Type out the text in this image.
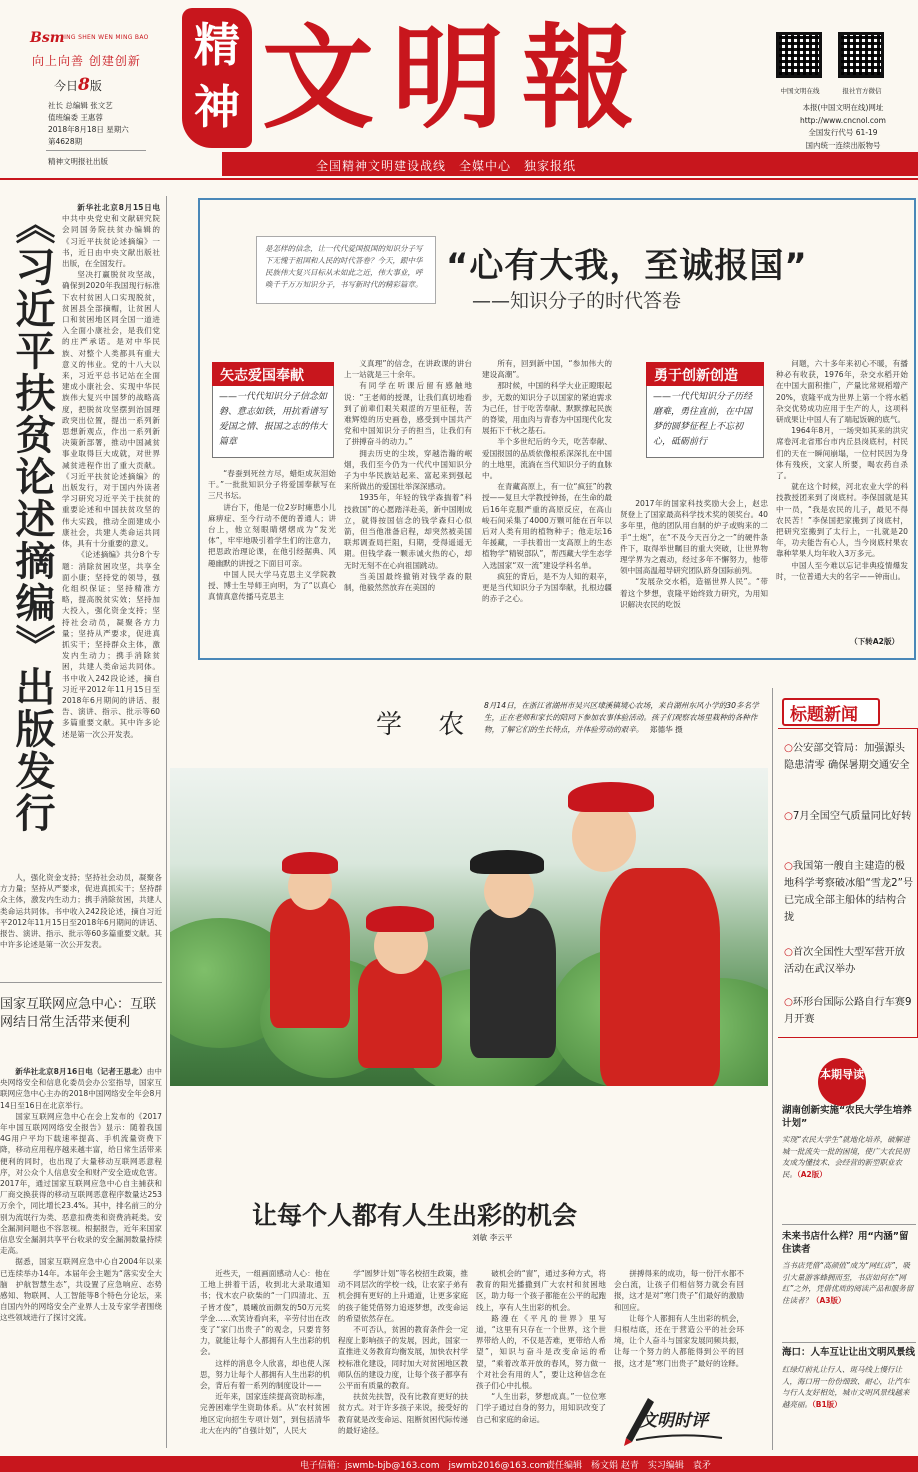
Bsm
JING SHEN WEN MING BAO
向上向善 创建创新
今日8版
社长 总编辑 张文艺
值班编委 王惠蓉
2018年8月18日 星期六
第4628期
精神文明报社出版
精神 文明報	中国文明在线	报社官方微信
本报(中国文明在线)网址
http://www.cncnol.com
全国发行代号 61-19
国内统一连续出版物号
全国精神文明建设战线　全媒中心　独家报纸
《习近平扶贫论述摘编》出版发行	新华社北京8月15日电中共中央党史和文献研究院会同国务院扶贫办编辑的《习近平扶贫论述摘编》一书，近日由中央文献出版社出版，在全国发行。

坚决打赢脱贫攻坚战，确保到2020年我国现行标准下农村贫困人口实现脱贫，贫困县全部摘帽，让贫困人口和贫困地区同全国一道进入全面小康社会，是我们党的庄严承诺。是对中华民族、对整个人类都具有重大意义的伟业。党的十八大以来，习近平总书记站在全面建成小康社会、实现中华民族伟大复兴中国梦的战略高度，把脱贫攻坚摆到治国理政突出位置，提出一系列新思想新观点，作出一系列新决策新部署，推动中国减贫事业取得巨大成就，对世界减贫进程作出了重大贡献。《习近平扶贫论述摘编》的出版发行，对于国内外读者学习研究习近平关于扶贫的重要论述和中国扶贫攻坚的伟大实践，推动全面建成小康社会，共建人类命运共同体，具有十分重要的意义。

《论述摘编》共分8个专题：消除贫困攻坚，共享全面小康；坚持党的领导，强化组织保证；坚持精准方略，提高脱贫实效；坚持加大投入，强化资金支持；坚持社会动员，凝聚各方力量；坚持从严要求，促进真抓实干；坚持群众主体，激发内生动力；携手消除贫困，共建人类命运共同体。书中收入242段论述，摘自习近平2012年11月15日至2018年6月期间的讲话、报告、演讲、指示、批示等60多篇重要文献。其中许多论述是第一次公开发表。

人，强化资金支持；坚持社会动员，凝聚各方力量；坚持从严要求，促进真抓实干；坚持群众主体，激发内生动力；携手消除贫困，共建人类命运共同体。书中收入242段论述，摘自习近平2012年11月15日至2018年6月期间的讲话、报告、演讲、指示、批示等60多篇重要文献。其中许多论述是第一次公开发表。

国家互联网应急中心：互联网结日常生活带来便利

新华社北京8月16日电（记者王思北）由中央网络安全和信息化委员会办公室指导，国家互联网应急中心主办的2018中国网络安全年会8月14日至16日在北京举行。

国家互联网应急中心在会上发布的《2017年中国互联网网络安全报告》显示：随着我国4G用户平均下载速率提高、手机流量资费下降，移动应用程序越来越丰富，给日常生活带来便利的同时，也出现了大量移动互联网恶意程序，对公众个人信息安全和财产安全造成危害。2017年，通过国家互联网应急中心自主捕获和厂商交换获得的移动互联网恶意程序数量达253万余个，同比增长23.4%。其中，排名前三的分别为流氓行为类、恶意扣费类和资费消耗类。安全漏洞问题也不容忽视。根据报告，近年来国家信息安全漏洞共享平台收录的安全漏洞数量持续走高。

据悉，国家互联网应急中心自2004年以来已连续举办14年。本届年会主题为“落实安全大脑　护航智慧生态”，共设置了应急响应、态势感知、物联网、人工智能等8个特色分论坛，来自国内外的网络安全产业界人士及专家学者围绕这些领域进行了探讨交流。

是怎样的信念，让一代代爱国报国的知识分子写下无愧于祖国和人民的时代答卷？今天，跟中华民族伟大复兴目标从未如此之近，伟大事业，呼唤千千万万知识分子，书写新时代的精彩篇章。 “心有大我，至诚报国”
——知识分子的时代答卷
矢志爱国奉献
——一代代知识分子信念如磐、意志如铁，用抗看谱写爱国之情、报国之志的伟大篇章
勇于创新创造
——一代代知识分子历经磨难，勇往直前，在中国梦的圆梦征程上不忘初心，砥砺前行

“春蚕到死丝方尽，蜡炬成灰泪始干。”一批批知识分子将爱国奉献写在三尺书坛。

讲台下，他是一位2岁时瘫患小儿麻痹症、至今行动不便的普通人；讲台上，他立刻眼睛熠熠成为“发光体”，牢牢地吸引着学生们的注意力，把思政治理论课，在他引经据典、风趣幽默的讲授之下面目可亲。

中国人民大学马克思主义学院教授、博士生导师王向明，为了“以真心真情真意传播马克思主

义真理”的信念，在讲政课的讲台上一站就是三十余年。

有同学在听课后留有感触地说：“王老师的授课，让我们真切地看到了前辈们艰关艰涩的万里征程，苦难辉煌的历史画卷，感受到中国共产党和中国知识分子的担当，让我们有了拼搏奋斗的动力。”

拥去历史的尘埃，穿越浩瀚的岷烟，我们至今仍为一代代中国知识分子为中华民族站起来、富起来到强起来所做出的爱国壮举深深感动。

1935年，年轻的钱学森揣着“科技救国”的心愿踏洋赴美，新中国刚成立，就得按国信念的钱学森归心似箭，但当他准备启程，却突然被美国联邦调查局拦阻，归期，受得遥遥无期。但钱学森一颗赤诚火热的心，却无时无刻不在心向祖国跳动。

当美国最终撤销对钱学森的限制，他毅然然放弃在美国的

所有，回到新中国，“参加伟大的建设高潮”。

那时候，中国的科学大业正瞪眼起步，无数的知识分子以国家的紧迫需求为己任，甘于吃苦奉献、默默撑起民族的脊梁，用血肉与青春为中国现代化发展拓下千秋之基石。

半个多世纪后的今天，吃苦奉献、爱国报国的品质依像根系深深扎在中国的土地里，流淌在当代知识分子的血脉中。

在青藏高原上，有一位“疯狂”的教授——复旦大学教授钟扬，在生命的最后16年克服严重的高原反应，在高山峻石间采集了4000万颗可能在百年以后对人类有用的植物种子；他走坛16年援藏，一手扶着出一支高原上的生态植物学“精锐部队”，帮西藏大学生态学入选国家“双一流”建设学科名单。

疯狂的背后，是不为人知的艰辛，更是当代知识分子为国奉献，扎根边疆的赤子之心。

2017年的国家科技奖励大会上，赵忠贤登上了国家最高科学技术奖的领奖台。40多年里，他的团队用自制的炉子或购来的二手“土炮”，在“不及今天百分之一”的硬件条件下，取得举世瞩目的重大突破，让世界物理学界为之震动，经过多年不懈努力，他带领中国高温超导研究团队跻身国际前列。

“发展杂交水稻，造福世界人民”。“带着这个梦想，袁隆平始终致力研究，为用知识解决农民的吃饭

问题，六十多年来初心不暖，有播种必有收获，1976年，杂交水稻开始在中国大面积推广，产量比常规稻增产20%，袁隆平成为世界上第一个将水稻杂交优势成功应用于生产的人，这项科研成果让中国人有了端起饭碗的底气。

1964年8月，一场突如其来的洪灾席卷河北省邢台市内丘县岗底村，村民们的天在一瞬间崩塌，一位村民因为身体有残疾，文家人所要，喝农药自杀了。

就在这个时候，河北农业大学的科技教授团来到了岗底村。李保国就是其中一员，“我是农民的儿子，最见不得农民苦！”李保国把家搬到了岗底村，把研究室搬到了太行上，一扎就是20年，功夫能告有心人，当今岗底村果农靠种苹果人均年收入3万多元。

中国人至今难以忘记非典疫情爆发时，一位普通大夫的名字——钟南山。

（下转A2版）
学 农
8月14日，在浙江省湖州市吴兴区埭溪镇境心农场，来自湖州东风小学的30多名学生，正在老师和家长的陪同下参加农事体验活动。孩子们观察农场里栽种的各种作物，了解它们的生长特点，并体验劳动的艰辛。 郑德华 摄
标题新闻
○公安部交管局：加强源头隐患清零 确保暑期交通安全
○7月全国空气质量同比好转
○我国第一艘自主建造的极地科学考察破冰船“雪龙2”号已完成全部主船体的结构合拢
○首次全国性大型军营开放活动在武汉举办
○环形台国际公路自行车赛9月开赛
本期导读
湖南创新实施“农民大学生培养计划”
实现“农民大学生”就地化培养，破解进城一批流失一批的困境，使广大农民朋友成为懂技术、会经营的新型职业农民。（A2版）
未来书店什么样？用“内涵”留住读者
当书店凭借“高颜值”成为“网红店”，吸引大量游客蜂拥而至，书店如何在“网红”之外，凭借优质的阅读产品和服务留住读者？（A3版）
海口：人车互让让出文明风景线
红绿灯前礼让行人、斑马线上慢行让人，海口用一份份细致、耐心，让汽车与行人友好相处，城市文明风景线越来越亮丽。（B1版）
让每个人都有人生出彩的机会
刘敏 李云平

近些天，一组画面感动人心：他在工地上拼着干活，收到北大录取通知书；伐木农户砍柴的“一门四清北、五子皆才俊”，晨曦放而颇发的50万元奖学金……欢笑诗看向来，辛劳付出在改变了“家门出贵子”的观念，只要肯努力，就能让每个人都拥有人生出彩的机会。

这样的消息令人欣喜，却也使人深思，努力让每个人都拥有人生出彩的机会，背后有着一系列的制度设计——

近年来，国家连续提高资助标准，完善困难学生资助体系。从“农村贫困地区定向招生专项计划”，到包括清华北大在内的“自强计划”，人民大

学“圆梦计划”等名校招生政策，推动不同层次的学校一线，让农家子弟有机会拥有更好的上升通道，让更多家庭的孩子能凭借努力追逐梦想，改变命运的希望依然存在。

不可否认，贫困的教育条件会一定程度上影响孩子的发展，因此，国家一直推进义务教育均衡发展，加快农村学校标准化建设，同时加大对贫困地区教师队伍的建设力度，让每个孩子都享有公平而有质量的教育。

扶贫先扶智，没有比教育更好的扶贫方式。对于许多孩子来说，接受好的教育就是改变命运、阻断贫困代际传递的最好途径。

破机会的“窗”，通过多种方式，将教育的阳光播撒到广大农村和贫困地区，助力每一个孩子都能在公平的起跑线上，享有人生出彩的机会。

路漫在《平凡的世界》里写道，“这里有只存在一个世界，这个世界带给人的，不仅是苦难，更带给人希望”，知识与奋斗是改变命运的希望，“乘着改革开放的春风，努力做一个对社会有用的人”，要让这种信念在孩子们心中扎根。

“人生出彩，梦想成真。”一位位寒门学子通过自身的努力，用知识改变了自己和家庭的命运。

拼搏得来的成功，每一份汗水都不会白流，让孩子们相信努力就会有回报，这才是对“寒门贵子”们最好的激励和回应。

让每个人都拥有人生出彩的机会，归根结底，还在于营造公平的社会环境，让个人奋斗与国家发展同频共振，让每一个努力的人都能得到公平的回报，这才是“寒门出贵子”最好的诠释。

文明时评
电子信箱：jswmb-bjb@163.com　jswmb2016@163.com
责任编辑　杨文娟 赵青　实习编辑　袁矛
